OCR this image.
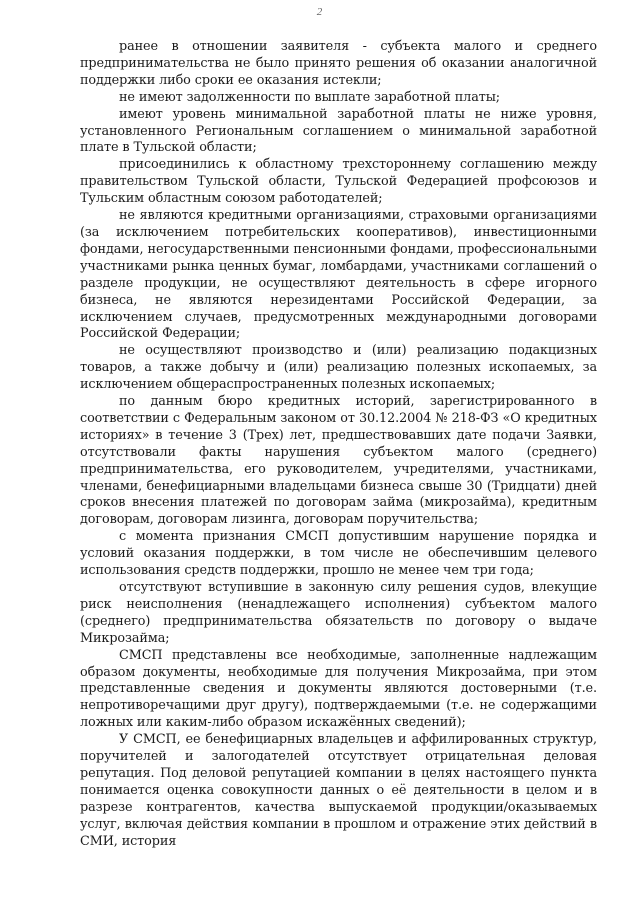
2

ранее в отношении заявителя - субъекта малого и среднего предпринимательства не было принято решения об оказании аналогичной поддержки либо сроки ее оказания истекли;

не имеют задолженности по выплате заработной платы;

имеют уровень минимальной заработной платы не ниже уровня, установленного Региональным соглашением о минимальной заработной плате в Тульской области;

присоединились к областному трехстороннему соглашению между правительством Тульской области, Тульской Федерацией профсоюзов и Тульским областным союзом работодателей;

не являются кредитными организациями, страховыми организациями (за исключением потребительских кооперативов), инвестиционными фондами, негосударственными пенсионными фондами, профессиональными участниками рынка ценных бумаг, ломбардами, участниками соглашений о разделе продукции, не осуществляют деятельность в сфере игорного бизнеса, не являются нерезидентами Российской Федерации, за исключением случаев, предусмотренных международными договорами Российской Федерации;

не осуществляют производство и (или) реализацию подакцизных товаров, а также добычу и (или) реализацию полезных ископаемых, за исключением общераспространенных полезных ископаемых;

по данным бюро кредитных историй, зарегистрированного в соответствии с Федеральным законом от 30.12.2004 № 218-ФЗ «О кредитных историях» в течение 3 (Трех) лет, предшествовавших дате подачи Заявки, отсутствовали факты нарушения субъектом малого (среднего) предпринимательства, его руководителем, учредителями, участниками, членами, бенефициарными владельцами бизнеса свыше 30 (Тридцати) дней сроков внесения платежей по договорам займа (микрозайма), кредитным договорам, договорам лизинга, договорам поручительства;

с момента признания СМСП допустившим нарушение порядка и условий оказания поддержки, в том числе не обеспечившим целевого использования средств поддержки, прошло не менее чем три года;

отсутствуют вступившие в законную силу решения судов, влекущие риск неисполнения (ненадлежащего исполнения) субъектом малого (среднего) предпринимательства обязательств по договору о выдаче Микрозайма;

СМСП представлены все необходимые, заполненные надлежащим образом документы, необходимые для получения Микрозайма, при этом представленные сведения и документы являются достоверными (т.е. непротиворечащими друг другу), подтверждаемыми (т.е. не содержащими ложных или каким-либо образом искажённых сведений);

У СМСП, ее бенефициарных владельцев и аффилированных структур, поручителей и залогодателей отсутствует отрицательная деловая репутация. Под деловой репутацией компании в целях настоящего пункта понимается оценка совокупности данных о её деятельности в целом и в разрезе контрагентов, качества выпускаемой продукции/оказываемых услуг, включая действия компании в прошлом и отражение этих действий в СМИ, история
